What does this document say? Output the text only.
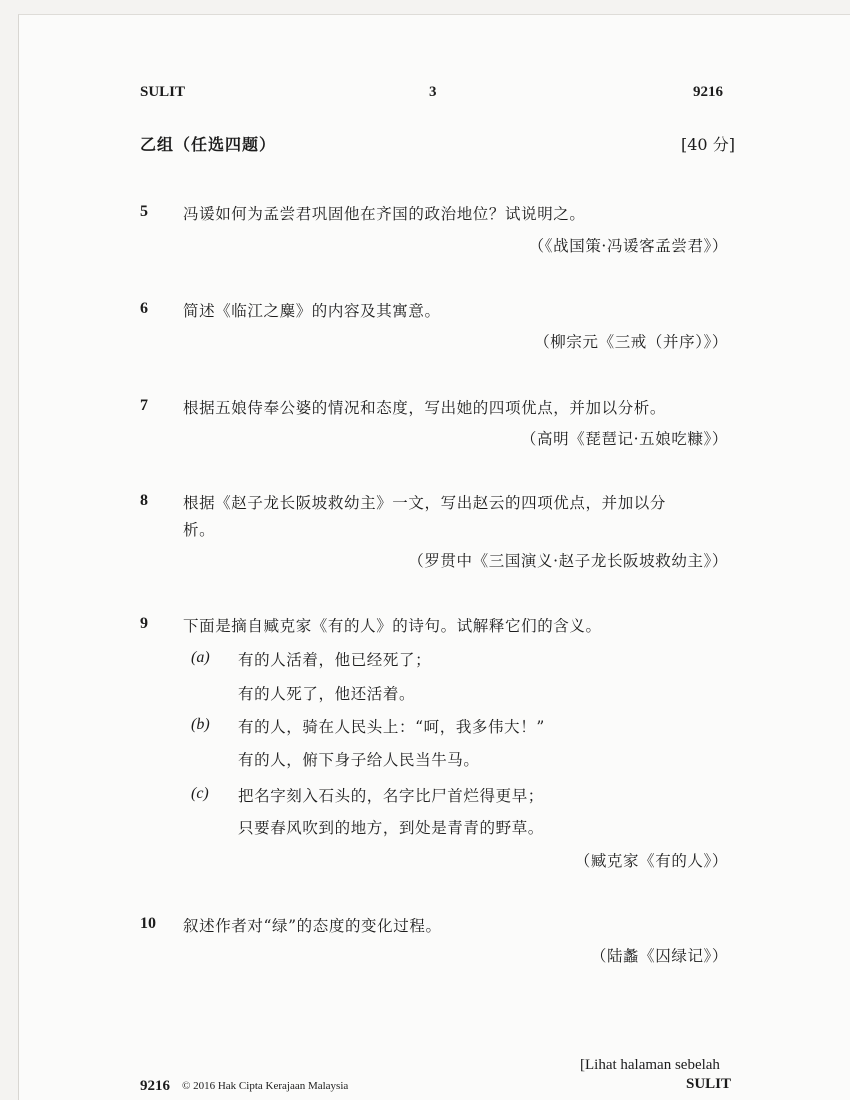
SULIT	3	9216
乙组（任选四题）	[40 分]
5 冯谖如何为孟尝君巩固他在齐国的政治地位？试说明之。
（《战国策·冯谖客孟尝君》）
6 简述《临江之麋》的内容及其寓意。
（柳宗元《三戒（并序）》）
7 根据五娘侍奉公婆的情况和态度，写出她的四项优点，并加以分析。
（高明《琵琶记·五娘吃糠》）
8 根据《赵子龙长阪坡救幼主》一文，写出赵云的四项优点，并加以分
析。
（罗贯中《三国演义·赵子龙长阪坡救幼主》）
9 下面是摘自臧克家《有的人》的诗句。试解释它们的含义。
(a) 有的人活着，他已经死了；
有的人死了，他还活着。
(b) 有的人，骑在人民头上：“呵，我多伟大！”
有的人，俯下身子给人民当牛马。
(c) 把名字刻入石头的，名字比尸首烂得更早；
只要春风吹到的地方，到处是青青的野草。
（臧克家《有的人》）
10 叙述作者对“绿”的态度的变化过程。
（陆蠡《囚绿记》）
[Lihat halaman sebelah
9216 © 2016 Hak Cipta Kerajaan Malaysia	SULIT
